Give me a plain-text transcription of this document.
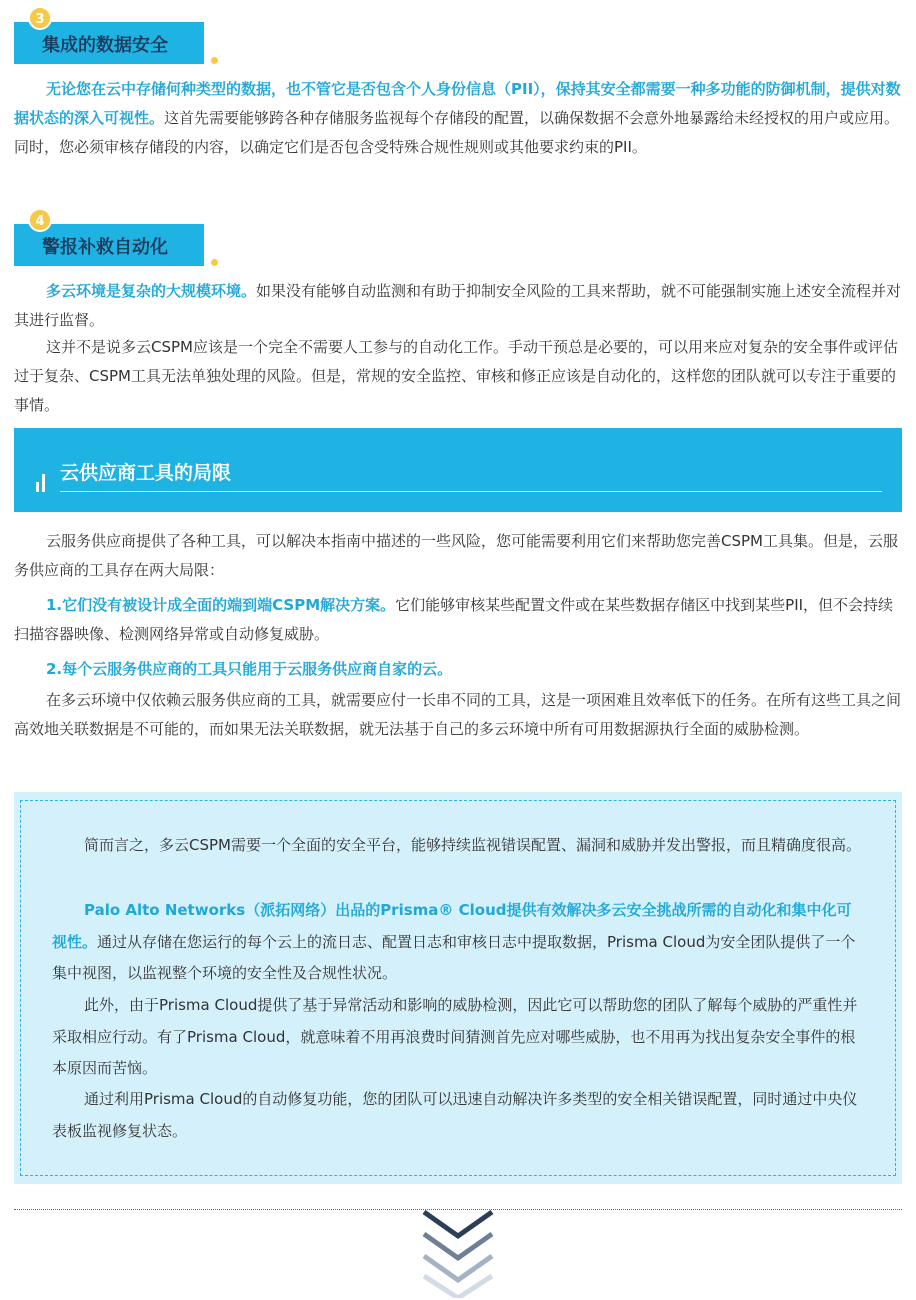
3
集成的数据安全
无论您在云中存储何种类型的数据，也不管它是否包含个人身份信息（PII），保持其安全都需要一种多功能的防御机制，提供对数据状态的深入可视性。这首先需要能够跨各种存储服务监视每个存储段的配置，以确保数据不会意外地暴露给未经授权的用户或应用。同时，您必须审核存储段的内容，以确定它们是否包含受特殊合规性规则或其他要求约束的PII。
4
警报补救自动化
多云环境是复杂的大规模环境。如果没有能够自动监测和有助于抑制安全风险的工具来帮助，就不可能强制实施上述安全流程并对其进行监督。
这并不是说多云CSPM应该是一个完全不需要人工参与的自动化工作。手动干预总是必要的，可以用来应对复杂的安全事件或评估过于复杂、CSPM工具无法单独处理的风险。但是，常规的安全监控、审核和修正应该是自动化的，这样您的团队就可以专注于重要的事情。
云供应商工具的局限
云服务供应商提供了各种工具，可以解决本指南中描述的一些风险，您可能需要利用它们来帮助您完善CSPM工具集。但是，云服务供应商的工具存在两大局限：
1.它们没有被设计成全面的端到端CSPM解决方案。它们能够审核某些配置文件或在某些数据存储区中找到某些PII，但不会持续扫描容器映像、检测网络异常或自动修复威胁。
2.每个云服务供应商的工具只能用于云服务供应商自家的云。
在多云环境中仅依赖云服务供应商的工具，就需要应付一长串不同的工具，这是一项困难且效率低下的任务。在所有这些工具之间高效地关联数据是不可能的，而如果无法关联数据，就无法基于自己的多云环境中所有可用数据源执行全面的威胁检测。
简而言之，多云CSPM需要一个全面的安全平台，能够持续监视错误配置、漏洞和威胁并发出警报，而且精确度很高。
Palo Alto Networks（派拓网络）出品的Prisma® Cloud提供有效解决多云安全挑战所需的自动化和集中化可视性。通过从存储在您运行的每个云上的流日志、配置日志和审核日志中提取数据，Prisma Cloud为安全团队提供了一个集中视图，以监视整个环境的安全性及合规性状况。
此外，由于Prisma Cloud提供了基于异常活动和影响的威胁检测，因此它可以帮助您的团队了解每个威胁的严重性并采取相应行动。有了Prisma Cloud，就意味着不用再浪费时间猜测首先应对哪些威胁，也不用再为找出复杂安全事件的根本原因而苦恼。
通过利用Prisma Cloud的自动修复功能，您的团队可以迅速自动解决许多类型的安全相关错误配置，同时通过中央仪表板监视修复状态。
